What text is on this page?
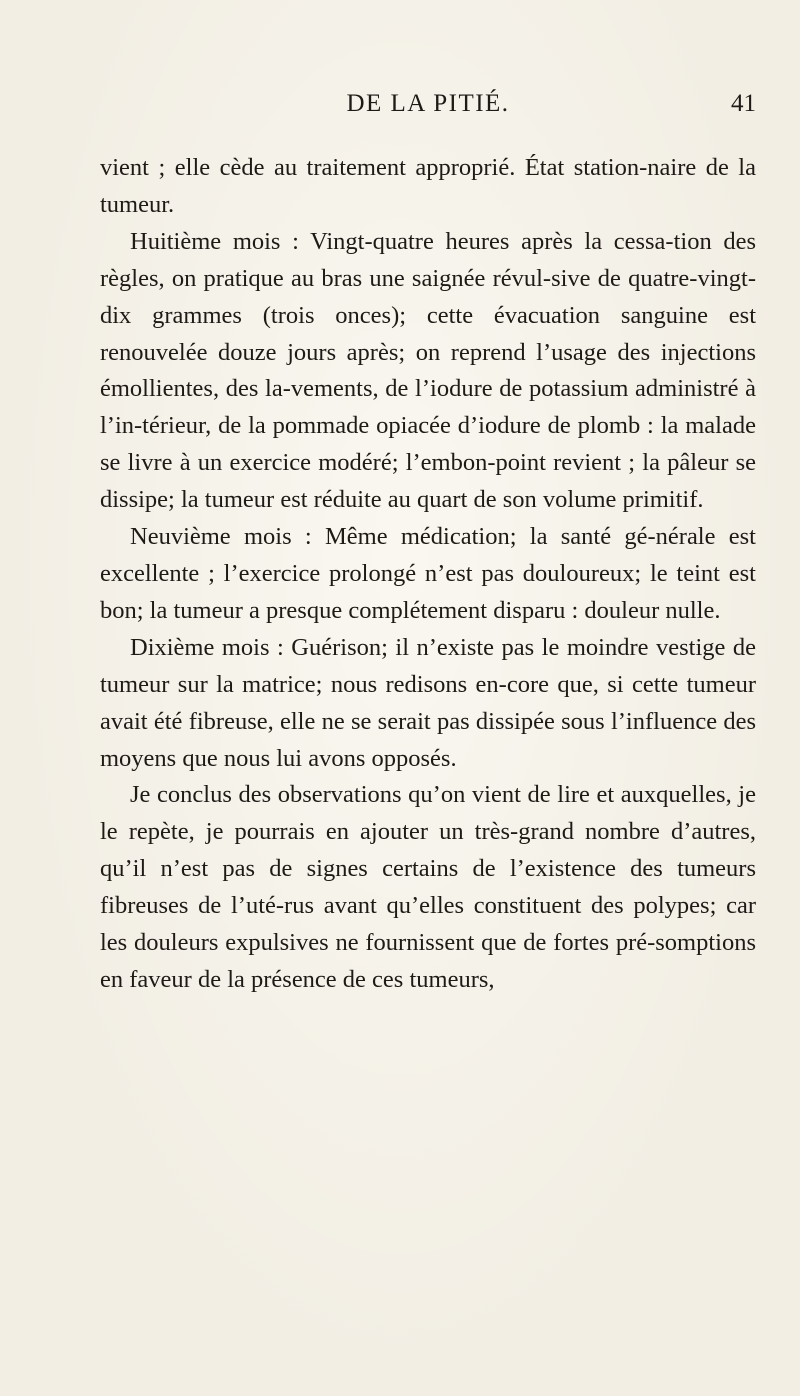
DE LA PITIÉ.	41

vient ; elle cède au traitement approprié. État station-naire de la tumeur.

Huitième mois : Vingt-quatre heures après la cessa-tion des règles, on pratique au bras une saignée révul-sive de quatre-vingt-dix grammes (trois onces); cette évacuation sanguine est renouvelée douze jours après; on reprend l’usage des injections émollientes, des la-vements, de l’iodure de potassium administré à l’in-térieur, de la pommade opiacée d’iodure de plomb : la malade se livre à un exercice modéré; l’embon-point revient ; la pâleur se dissipe; la tumeur est réduite au quart de son volume primitif.

Neuvième mois : Même médication; la santé gé-nérale est excellente ; l’exercice prolongé n’est pas douloureux; le teint est bon; la tumeur a presque complétement disparu : douleur nulle.

Dixième mois : Guérison; il n’existe pas le moindre vestige de tumeur sur la matrice; nous redisons en-core que, si cette tumeur avait été fibreuse, elle ne se serait pas dissipée sous l’influence des moyens que nous lui avons opposés.

Je conclus des observations qu’on vient de lire et auxquelles, je le repète, je pourrais en ajouter un très-grand nombre d’autres, qu’il n’est pas de signes certains de l’existence des tumeurs fibreuses de l’uté-rus avant qu’elles constituent des polypes; car les douleurs expulsives ne fournissent que de fortes pré-somptions en faveur de la présence de ces tumeurs,
